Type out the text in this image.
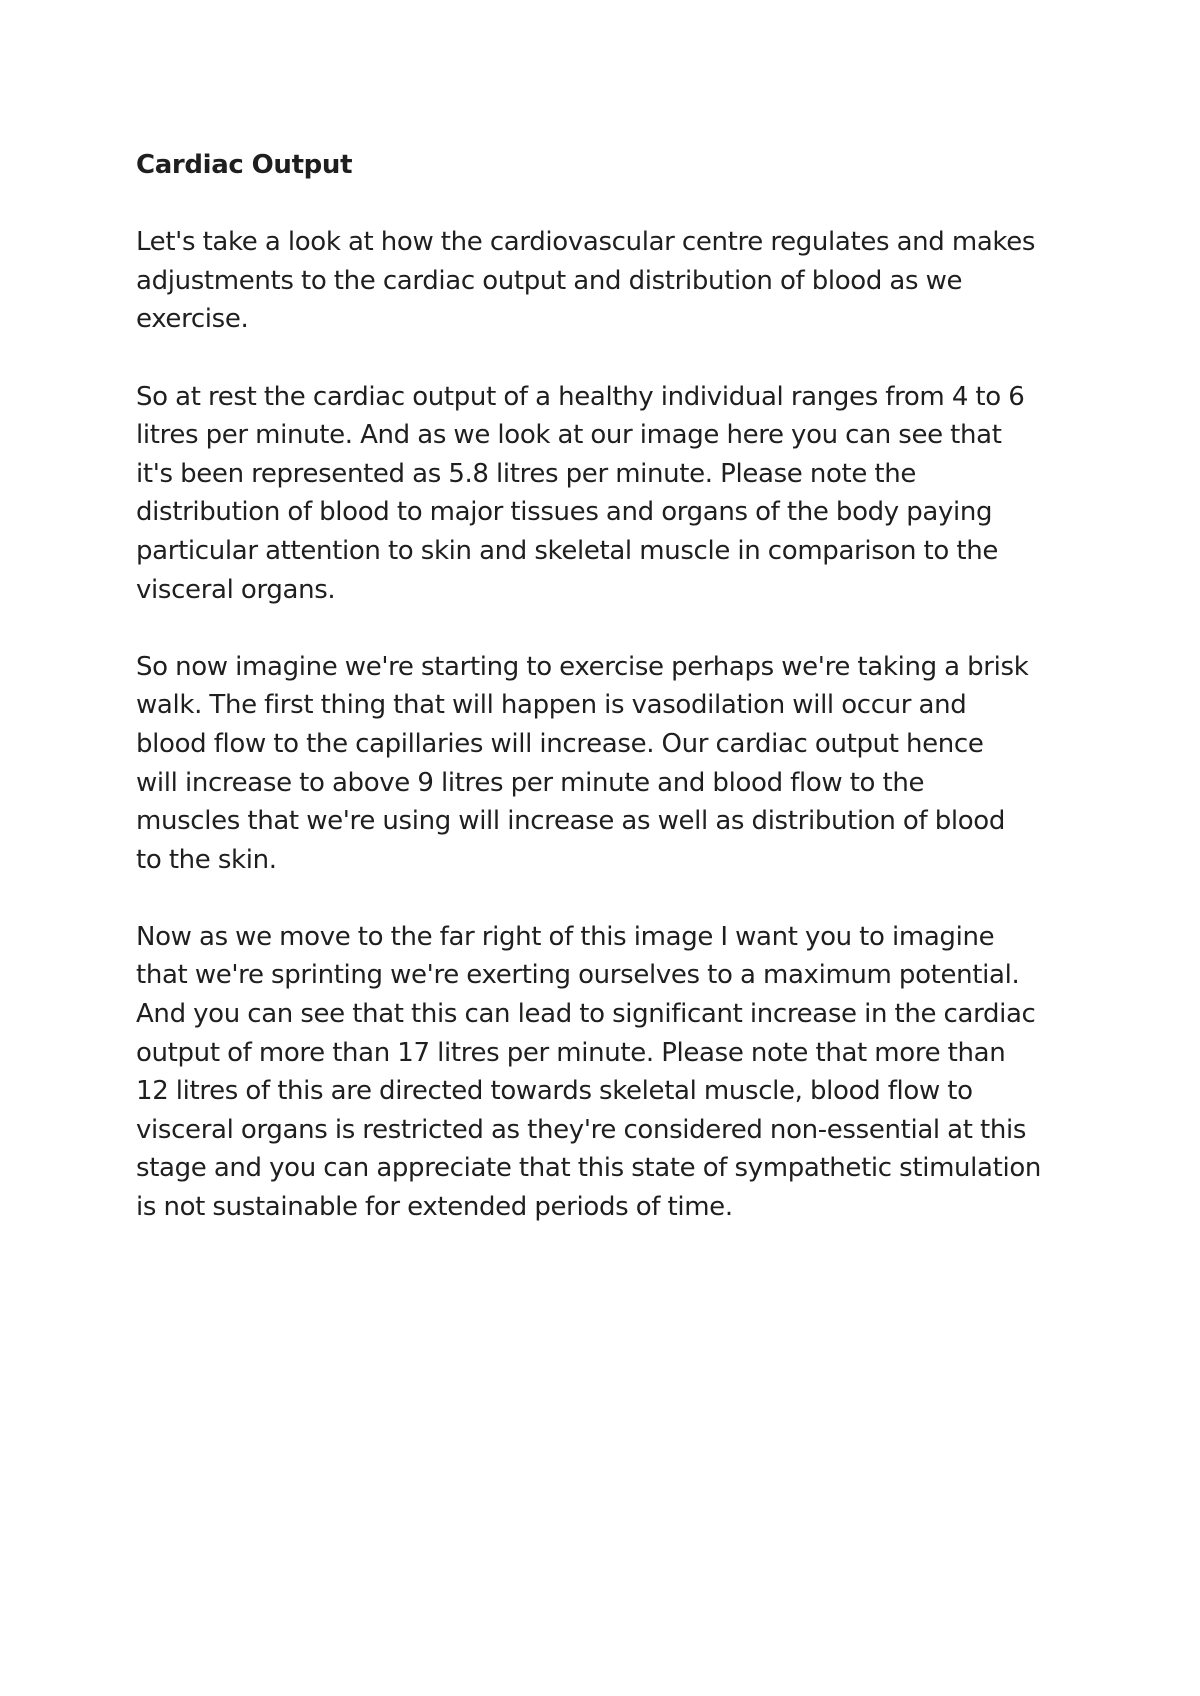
Cardiac Output
Let's take a look at how the cardiovascular centre regulates and makes
adjustments to the cardiac output and distribution of blood as we
exercise.
So at rest the cardiac output of a healthy individual ranges from 4 to 6
litres per minute. And as we look at our image here you can see that
it's been represented as 5.8 litres per minute. Please note the
distribution of blood to major tissues and organs of the body paying
particular attention to skin and skeletal muscle in comparison to the
visceral organs.
So now imagine we're starting to exercise perhaps we're taking a brisk
walk. The first thing that will happen is vasodilation will occur and
blood flow to the capillaries will increase. Our cardiac output hence
will increase to above 9 litres per minute and blood flow to the
muscles that we're using will increase as well as distribution of blood
to the skin.
Now as we move to the far right of this image I want you to imagine
that we're sprinting we're exerting ourselves to a maximum potential.
And you can see that this can lead to significant increase in the cardiac
output of more than 17 litres per minute. Please note that more than
12 litres of this are directed towards skeletal muscle, blood flow to
visceral organs is restricted as they're considered non-essential at this
stage and you can appreciate that this state of sympathetic stimulation
is not sustainable for extended periods of time.
